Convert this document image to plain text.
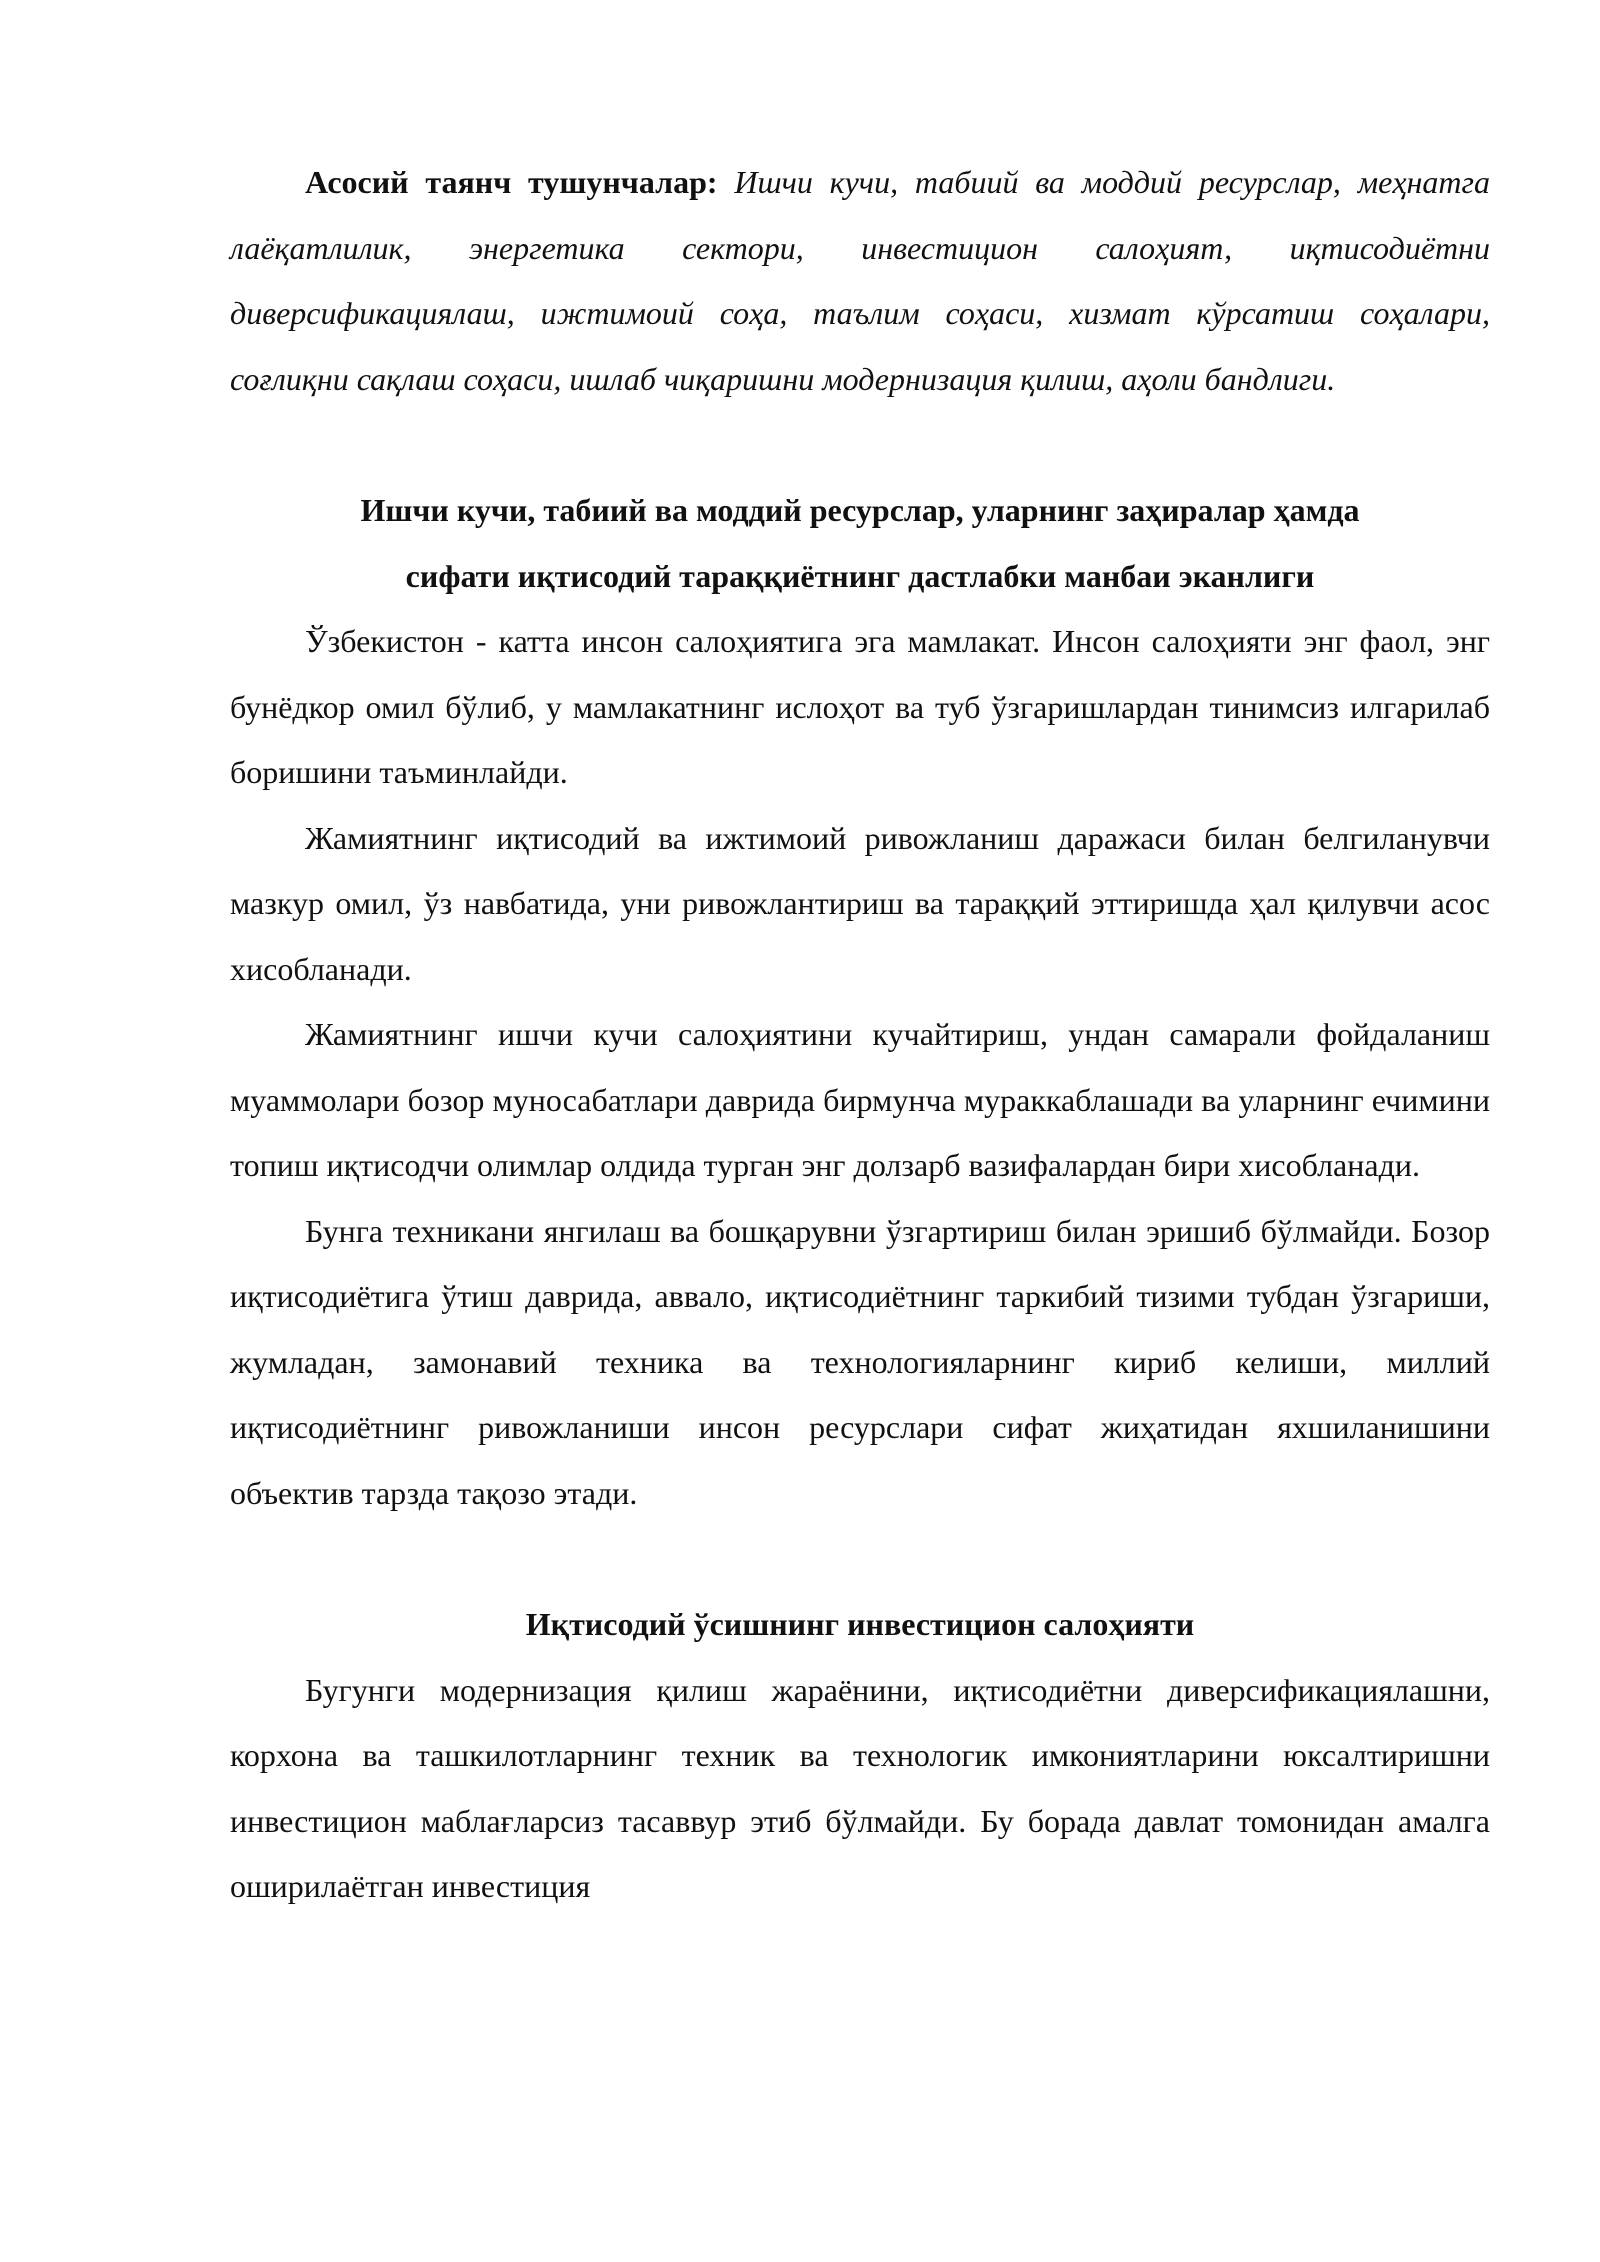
Асосий таянч тушунчалар: Ишчи кучи, табиий ва моддий ресурслар, меҳнатга лаёқатлилик, энергетика сектори, инвестицион салоҳият, иқтисодиётни диверсификациялаш, ижтимоий соҳа, таълим соҳаси, хизмат кўрсатиш соҳалари, соғлиқни сақлаш соҳаси, ишлаб чиқаришни модернизация қилиш, аҳоли бандлиги.

Ишчи кучи, табиий ва моддий ресурслар, уларнинг заҳиралар ҳамда
сифати иқтисодий тараққиётнинг дастлабки манбаи эканлиги

Ўзбекистон - катта инсон салоҳиятига эга мамлакат. Инсон салоҳияти энг фаол, энг бунёдкор омил бўлиб, у мамлакатнинг ислоҳот ва туб ўзгаришлардан тинимсиз илгарилаб боришини таъминлайди.

Жамиятнинг иқтисодий ва ижтимоий ривожланиш даражаси билан белгиланувчи мазкур омил, ўз навбатида, уни ривожлантириш ва тараққий эттиришда ҳал қилувчи асос хисобланади.

Жамиятнинг ишчи кучи салоҳиятини кучайтириш, ундан самарали фойдаланиш муаммолари бозор муносабатлари даврида бирмунча мураккаблашади ва уларнинг ечимини топиш иқтисодчи олимлар олдида турган энг долзарб вазифалардан бири хисобланади.

Бунга техникани янгилаш ва бошқарувни ўзгартириш билан эришиб бўлмайди. Бозор иқтисодиётига ўтиш даврида, аввало, иқтисодиётнинг таркибий тизими тубдан ўзгариши, жумладан, замонавий техника ва технологияларнинг кириб келиши, миллий иқтисодиётнинг ривожланиши инсон ресурслари сифат жиҳатидан яхшиланишини объектив тарзда тақозо этади.

Иқтисодий ўсишнинг инвестицион салоҳияти

Бугунги модернизация қилиш жараёнини, иқтисодиётни диверсификациялашни, корхона ва ташкилотларнинг техник ва технологик имкониятларини юксалтиришни инвестицион маблағларсиз тасаввур этиб бўлмайди. Бу борада давлат томонидан амалга оширилаётган инвестиция
